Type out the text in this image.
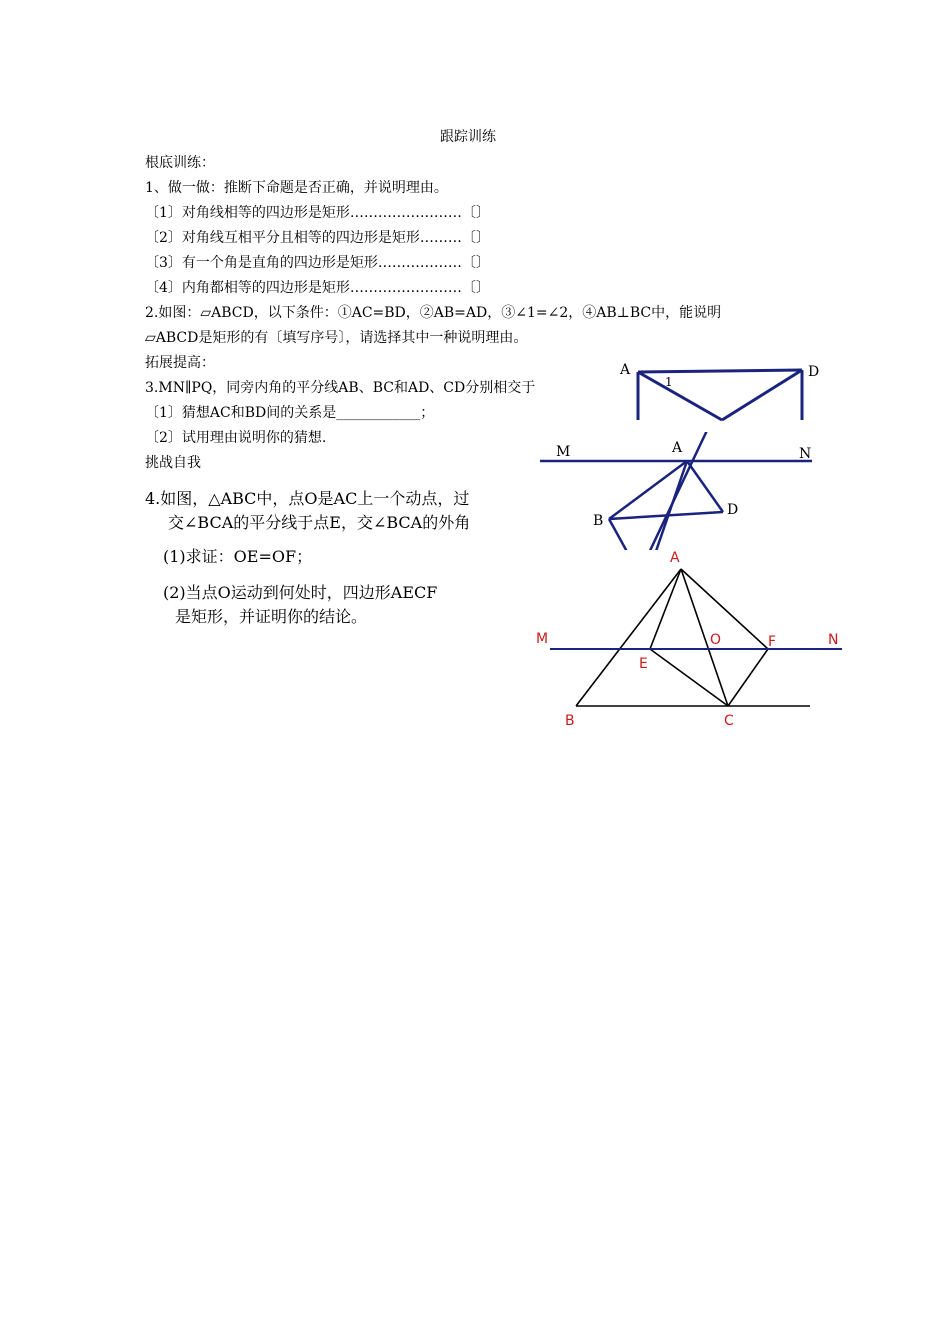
跟踪训练
根底训练：
1、做一做：推断下命题是否正确，并说明理由。
〔1〕对角线相等的四边形是矩形……………………〔〕
〔2〕对角线互相平分且相等的四边形是矩形………〔〕
〔3〕有一个角是直角的四边形是矩形………………〔〕
〔4〕内角都相等的四边形是矩形……………………〔〕
2.如图：▱ABCD，以下条件：①AC=BD，②AB=AD，③∠1=∠2，④AB⊥BC中，能说明
▱ABCD是矩形的有〔填写序号〕，请选择其中一种说明理由。
拓展提高：
3.MN∥PQ，同旁内角的平分线AB、BC和AD、CD分别相交于
〔1〕猜想AC和BD间的关系是____________；
〔2〕试用理由说明你的猜想.
挑战自我
4.如图，△ABC中，点O是AC上一个动点，过
交∠BCA的平分线于点E，交∠BCA的外角
(1)求证：OE=OF；
(2)当点O运动到何处时，四边形AECF
是矩形，并证明你的结论。
A	D
1
M	N
A
B
D
A
M	N
O	F
E
B	C
